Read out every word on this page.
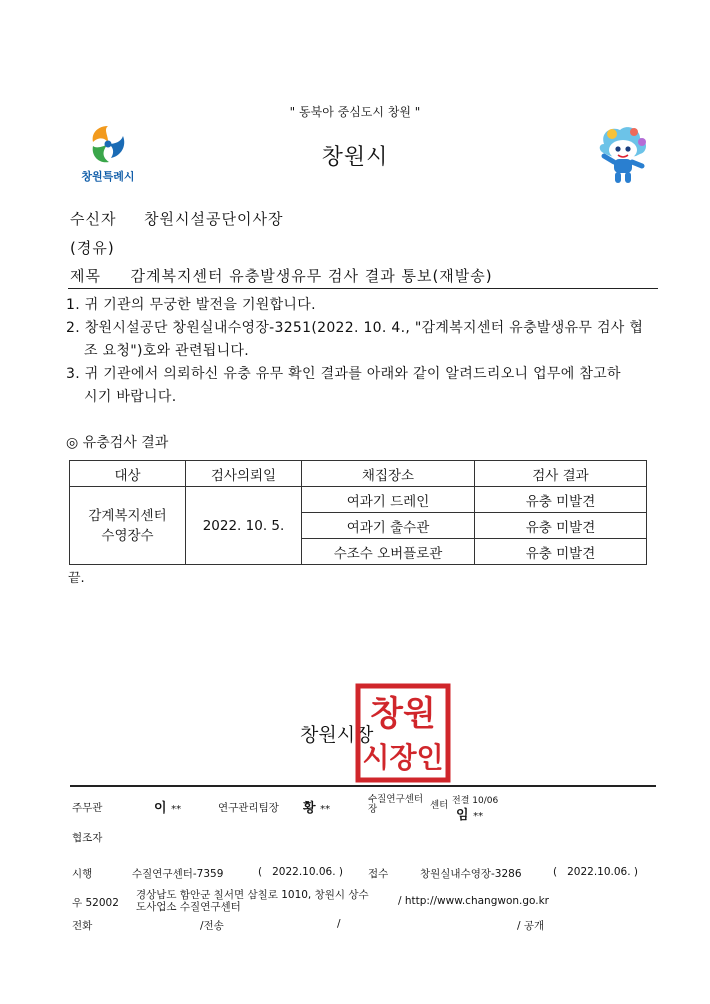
" 동북아 중심도시 창원 "
창원특례시
창원시
수신자 창원시설공단이사장
(경유)
제목 감계복지센터 유충발생유무 검사 결과 통보(재발송)

1. 귀 기관의 무궁한 발전을 기원합니다.

2. 창원시설공단 창원실내수영장-3251(2022. 10. 4., "감계복지센터 유충발생유무 검사 협

조 요청")호와 관련됩니다.

3. 귀 기관에서 의뢰하신 유충 유무 확인 결과를 아래와 같이 알려드리오니 업무에 참고하

시기 바랍니다.

◎ 유충검사 결과
대상	검사의뢰일	채집장소	검사 결과

감계복지센터
수영장수	2022. 10. 5.	여과기 드레인	유충 미발견
		여과기 출수관	유충 미발견
		수조수 오버플로관	유충 미발견
끝.
창원시장
창원
시장인
주무관	이 **	연구관리팀장 황 **
수질연구센터
장	센터 전결 10/06
임 **
협조자
시행	수질연구센터-7359	(   2022.10.06. ) 접수	창원실내수영장-3286	(   2022.10.06. )
우 52002
경상남도 함안군 칠서면 삼칠로 1010, 창원시 상수
도사업소 수질연구센터	/ http://www.changwon.go.kr
전화	/전송	/	/ 공개
